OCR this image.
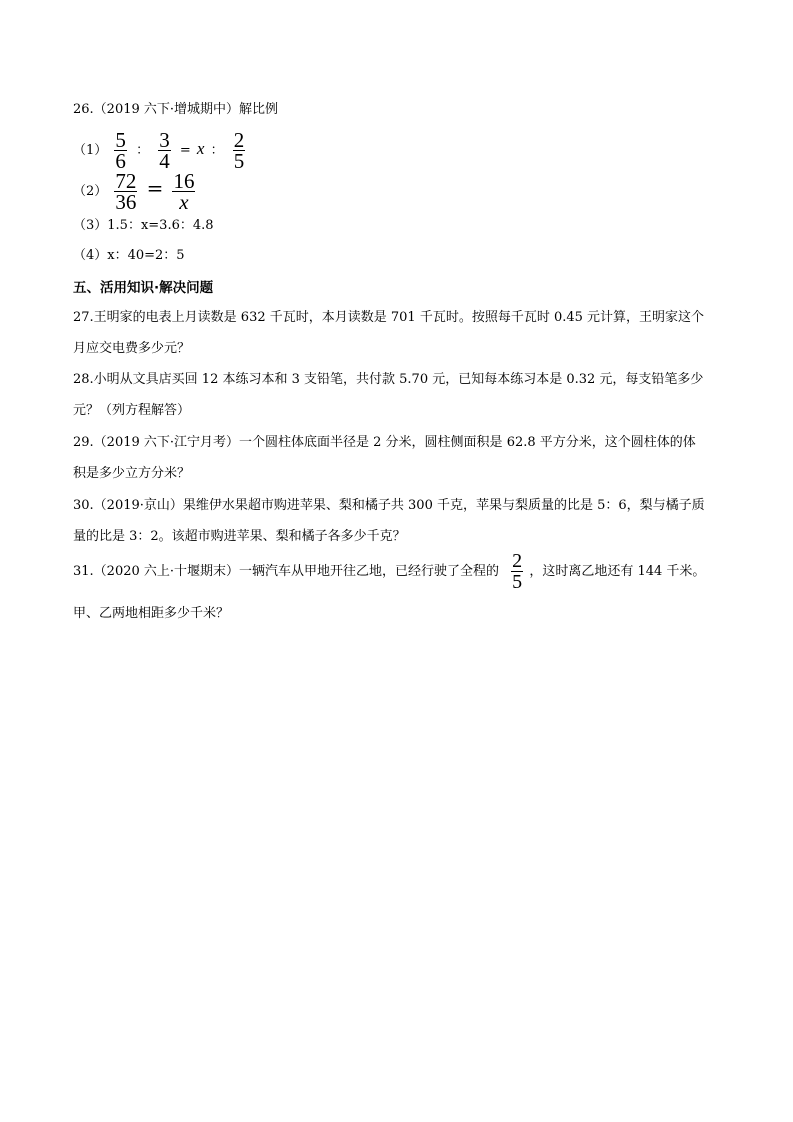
26.（2019 六下·增城期中）解比例
$(1) \frac{5}{6}$ ： $\frac{3}{4} = x$ ： $\frac{2}{5}$
$(2) \frac{72}{36} = \frac{16}{x}$
（3）1.5：x=3.6：4.8
（4）x：40=2：5
五、活用知识·解决问题
27.王明家的电表上月读数是 632 千瓦时，本月读数是 701 千瓦时。按照每千瓦时 0.45 元计算，王明家这个
月应交电费多少元？
28.小明从文具店买回 12 本练习本和 3 支铅笔，共付款 5.70 元，已知每本练习本是 0.32 元，每支铅笔多少
元？（列方程解答）
29.（2019 六下·江宁月考）一个圆柱体底面半径是 2 分米，圆柱侧面积是 62.8 平方分米，这个圆柱体的体
积是多少立方分米？
30.（2019·京山）果维伊水果超市购进苹果、梨和橘子共 300 千克，苹果与梨质量的比是 5：6，梨与橘子质
量的比是 3：2。该超市购进苹果、梨和橘子各多少千克？
31.（2020 六上·十堰期末）一辆汽车从甲地开往乙地，已经行驶了全程的 $\frac{2}{5}$ ，这时离乙地还有 144 千米。
甲、乙两地相距多少千米？
